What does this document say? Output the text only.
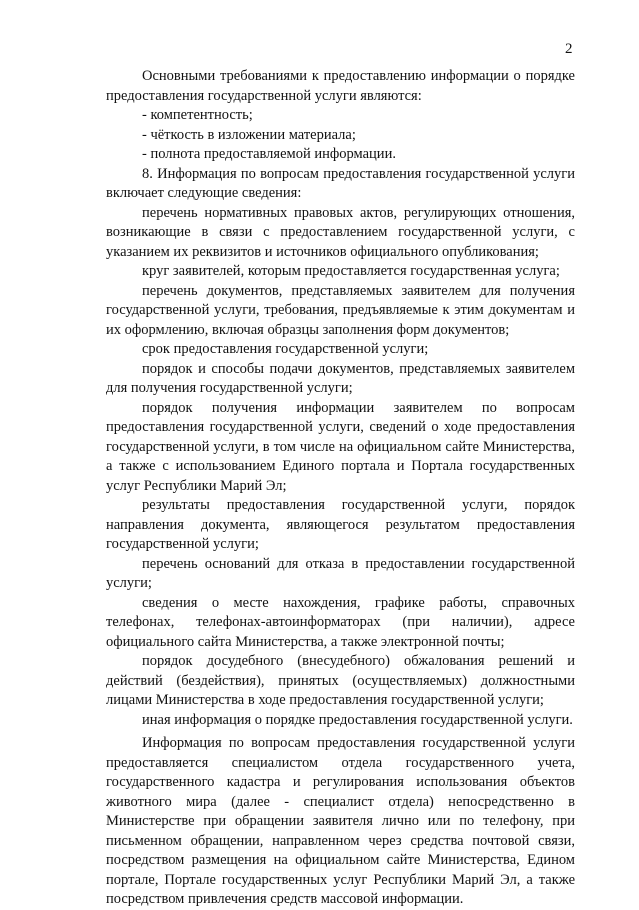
2

Основными требованиями к предоставлению информации о порядке предоставления государственной услуги являются:

- компетентность;

- чёткость в изложении материала;

- полнота предоставляемой информации.

8. Информация по вопросам предоставления государственной услуги включает следующие сведения:

перечень нормативных правовых актов, регулирующих отношения, возникающие в связи с предоставлением государственной услуги, с указанием их реквизитов и источников официального опубликования;

круг заявителей, которым предоставляется государственная услуга;

перечень документов, представляемых заявителем для получения государственной услуги, требования, предъявляемые к этим документам и их оформлению, включая образцы заполнения форм документов;

срок предоставления государственной услуги;

порядок и способы подачи документов, представляемых заявителем для получения государственной услуги;

порядок получения информации заявителем по вопросам предоставления государственной услуги, сведений о ходе предоставления государственной услуги, в том числе на официальном сайте Министерства, а также с использованием Единого портала и Портала государственных услуг Республики Марий Эл;

результаты предоставления государственной услуги, порядок направления документа, являющегося результатом предоставления государственной услуги;

перечень оснований для отказа в предоставлении государственной услуги;

сведения о месте нахождения, графике работы, справочных телефонах, телефонах-автоинформаторах (при наличии), адресе официального сайта Министерства, а также электронной почты;

порядок досудебного (внесудебного) обжалования решений и действий (бездействия), принятых (осуществляемых) должностными лицами Министерства в ходе предоставления государственной услуги;

иная информация о порядке предоставления государственной услуги.

Информация по вопросам предоставления государственной услуги предоставляется специалистом отдела государственного учета, государственного кадастра и регулирования использования объектов животного мира (далее - специалист отдела) непосредственно в Министерстве при обращении заявителя лично или по телефону, при письменном обращении, направленном через средства почтовой связи, посредством размещения на официальном сайте Министерства, Едином портале, Портале государственных услуг Республики Марий Эл, а также посредством привлечения средств массовой информации.
